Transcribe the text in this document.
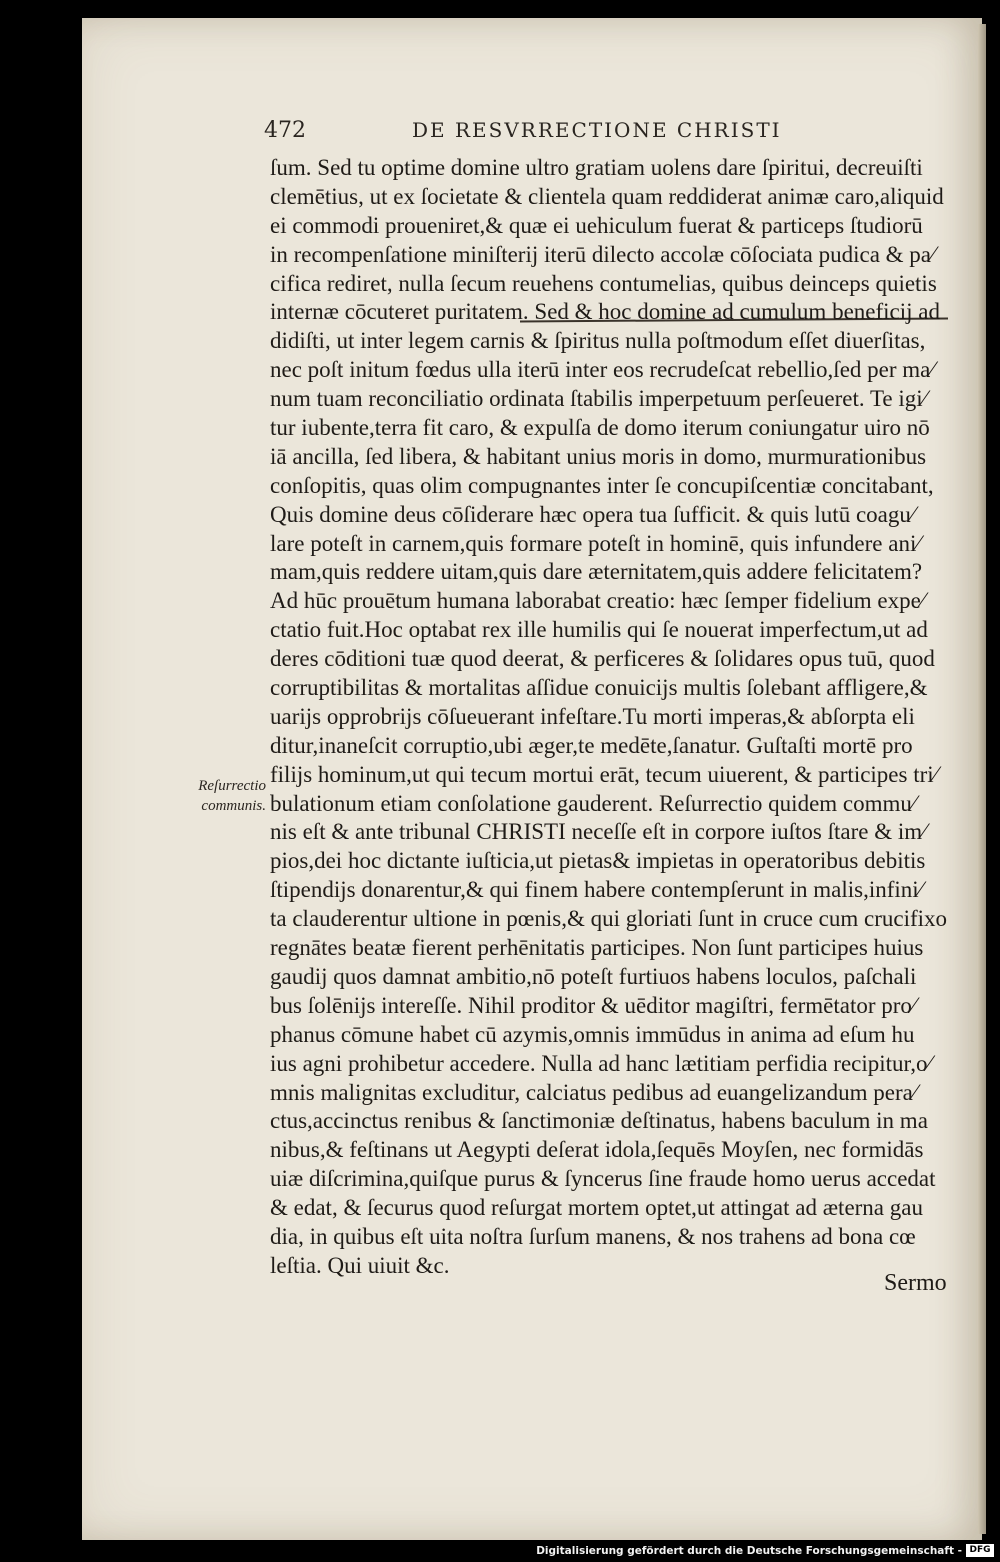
472	DE RESVRRECTIONE CHRISTI
ſum. Sed tu optime domine ultro gratiam uolens dare ſpiritui, decreuiſti
clemētius, ut ex ſocietate & clientela quam reddiderat animæ caro,aliquid
ei commodi proueniret,& quæ ei uehiculum fuerat & particeps ſtudiorū
in recompenſatione miniſterij iterū dilecto accolæ cōſociata pudica & pa⁄
cifica rediret, nulla ſecum reuehens contumelias, quibus deinceps quietis
internæ cōcuteret puritatem. Sed & hoc domine ad cumulum beneficij ad
didiſti, ut inter legem carnis & ſpiritus nulla poſtmodum eſſet diuerſitas,
nec poſt initum fœdus ulla iterū inter eos recrudeſcat rebellio,ſed per ma⁄
num tuam reconciliatio ordinata ſtabilis imperpetuum perſeueret. Te igi⁄
tur iubente,terra fit caro, & expulſa de domo iterum coniungatur uiro nō
iā ancilla, ſed libera, & habitant unius moris in domo, murmurationibus
conſopitis, quas olim compugnantes inter ſe concupiſcentiæ concitabant,
Quis domine deus cōſiderare hæc opera tua ſufficit. & quis lutū coagu⁄
lare poteſt in carnem,quis formare poteſt in hominē, quis infundere ani⁄
mam,quis reddere uitam,quis dare æternitatem,quis addere felicitatem?
Ad hūc prouētum humana laborabat creatio: hæc ſemper fidelium expe⁄
ctatio fuit.Hoc optabat rex ille humilis qui ſe nouerat imperfectum,ut ad
deres cōditioni tuæ quod deerat, & perficeres & ſolidares opus tuū, quod
corruptibilitas & mortalitas aſſidue conuicijs multis ſolebant affligere,&
uarijs opprobrijs cōſueuerant infeſtare.Tu morti imperas,& abſorpta eli
ditur,inaneſcit corruptio,ubi æger,te medēte,ſanatur. Guſtaſti mortē pro
filijs hominum,ut qui tecum mortui erāt, tecum uiuerent, & participes tri⁄
bulationum etiam conſolatione gauderent. Reſurrectio quidem commu⁄
nis eſt & ante tribunal CHRISTI neceſſe eſt in corpore iuſtos ſtare & im⁄
pios,dei hoc dictante iuſticia,ut pietas& impietas in operatoribus debitis
ſtipendijs donarentur,& qui finem habere contempſerunt in malis,infini⁄
ta clauderentur ultione in pœnis,& qui gloriati ſunt in cruce cum crucifixo
regnātes beatæ fierent perhēnitatis participes. Non ſunt participes huius
gaudij quos damnat ambitio,nō poteſt furtiuos habens loculos, paſchali
bus ſolēnijs intereſſe. Nihil proditor & uēditor magiſtri, fermētator pro⁄
phanus cōmune habet cū azymis,omnis immūdus in anima ad eſum hu
ius agni prohibetur accedere. Nulla ad hanc lætitiam perfidia recipitur,o⁄
mnis malignitas excluditur, calciatus pedibus ad euangelizandum pera⁄
ctus,accinctus renibus & ſanctimoniæ deſtinatus, habens baculum in ma
nibus,& feſtinans ut Aegypti deſerat idola,ſequēs Moyſen, nec formidās
uiæ diſcrimina,quiſque purus & ſyncerus ſine fraude homo uerus accedat
& edat, & ſecurus quod reſurgat mortem optet,ut attingat ad æterna gau
dia, in quibus eſt uita noſtra ſurſum manens, & nos trahens ad bona cœ
leſtia. Qui uiuit &c.
Reſurrectio
communis.
Sermo
Digitalisierung gefördert durch die Deutsche Forschungsgemeinschaft - DFG
